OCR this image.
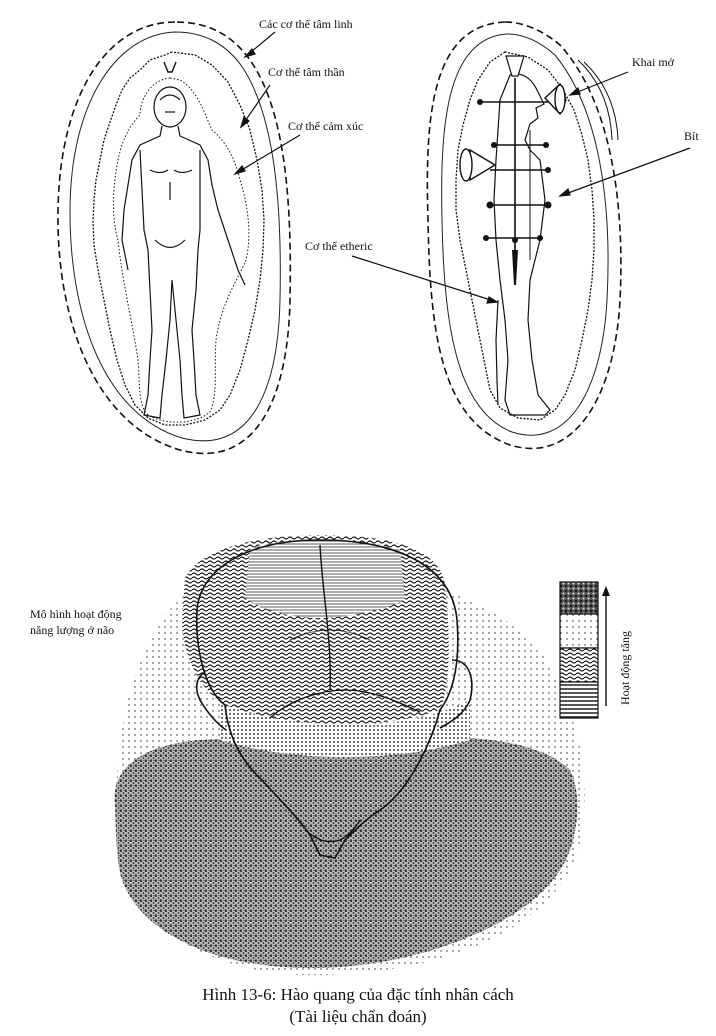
Các cơ thể tâm linh
Cơ thể tâm thần
Cơ thể cảm xúc
Cơ thể etheric
Khai mở
Bít
Mô hình hoạt động
năng lượng ở não
Hoạt động tăng
Hình 13-6: Hào quang của đặc tính nhân cách
(Tài liệu chẩn đoán)
